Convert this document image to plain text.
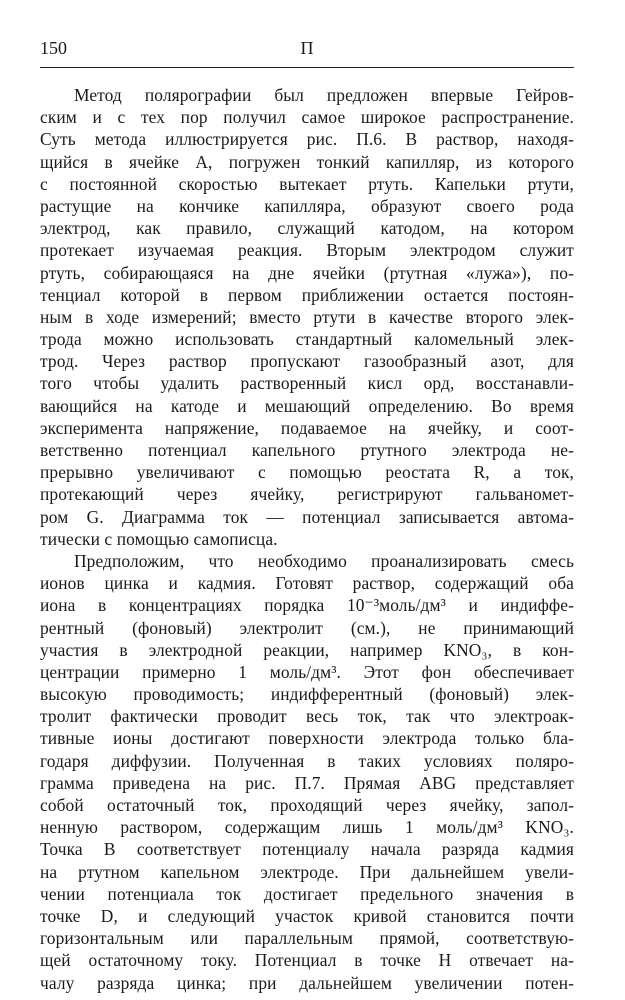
150	П
Метод полярографии был предложен впервые Гейров-
ским и с тех пор получил самое широкое распространение.
Суть метода иллюстрируется рис. П.6. В раствор, находя-
щийся в ячейке A, погружен тонкий капилляр, из которого
с постоянной скоростью вытекает ртуть. Капельки ртути,
растущие на кончике капилляра, образуют своего рода
электрод, как правило, служащий катодом, на котором
протекает изучаемая реакция. Вторым электродом служит
ртуть, собирающаяся на дне ячейки (ртутная «лужа»), по-
тенциал которой в первом приближении остается постоян-
ным в ходе измерений; вместо ртути в качестве второго элек-
трода можно использовать стандартный каломельный элек-
трод. Через раствор пропускают газообразный азот, для
того чтобы удалить растворенный кисл орд, восстанавли-
вающийся на катоде и мешающий определению. Во время
эксперимента напряжение, подаваемое на ячейку, и соот-
ветственно потенциал капельного ртутного электрода не-
прерывно увеличивают с помощью реостата R, а ток,
протекающий через ячейку, регистрируют гальваномет-
ром G. Диаграмма ток — потенциал записывается автома-
тически с помощью самописца.
Предположим, что необходимо проанализировать смесь
ионов цинка и кадмия. Готовят раствор, содержащий оба
иона в концентрациях порядка 10⁻³моль/дм³ и индиффе-
рентный (фоновый) электролит (см.), не принимающий
участия в электродной реакции, например KNO₃, в кон-
центрации примерно 1 моль/дм³. Этот фон обеспечивает
высокую проводимость; индифферентный (фоновый) элек-
тролит фактически проводит весь ток, так что электроак-
тивные ионы достигают поверхности электрода только бла-
годаря диффузии. Полученная в таких условиях поляро-
грамма приведена на рис. П.7. Прямая ABG представляет
собой остаточный ток, проходящий через ячейку, запол-
ненную раствором, содержащим лишь 1 моль/дм³ KNO₃.
Точка B соответствует потенциалу начала разряда кадмия
на ртутном капельном электроде. При дальнейшем увели-
чении потенциала ток достигает предельного значения в
точке D, и следующий участок кривой становится почти
горизонтальным или параллельным прямой, соответствую-
щей остаточному току. Потенциал в точке H отвечает на-
чалу разряда цинка; при дальнейшем увеличении потен-
